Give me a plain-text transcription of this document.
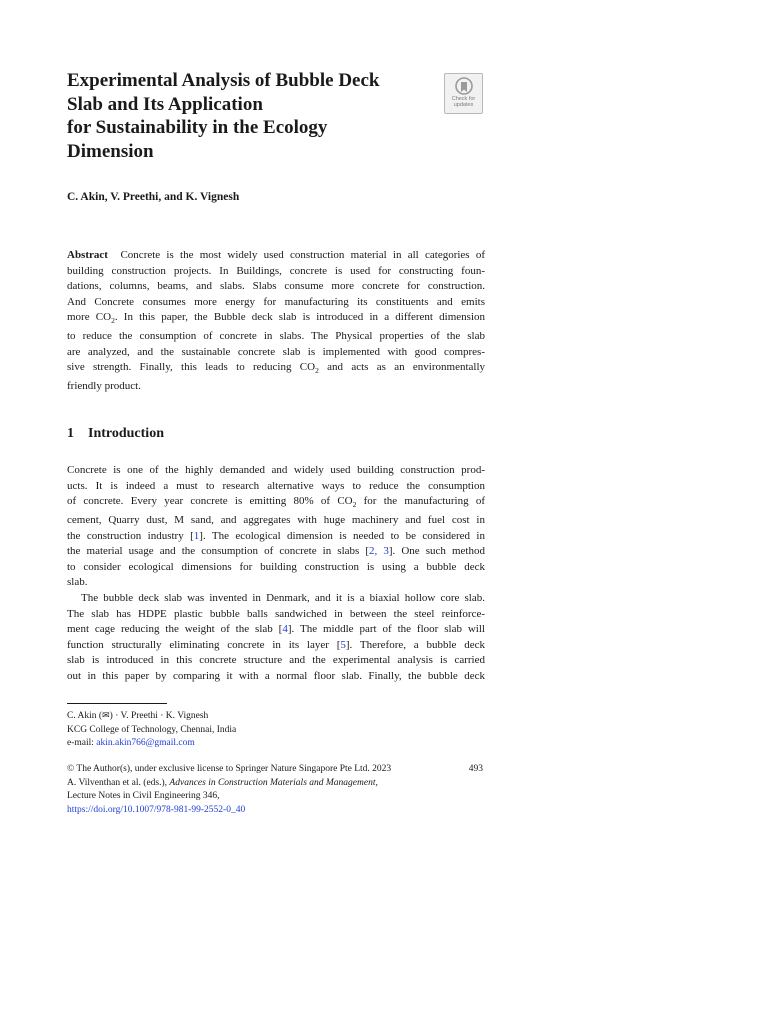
Experimental Analysis of Bubble Deck
Slab and Its Application
for Sustainability in the Ecology
Dimension
Check for
updates

C. Akin, V. Preethi, and K. Vignesh

Abstract Concrete is the most widely used construction material in all categories of
building construction projects. In Buildings, concrete is used for constructing foun-
dations, columns, beams, and slabs. Slabs consume more concrete for construction.
And Concrete consumes more energy for manufacturing its constituents and emits
more $CO_2$. In this paper, the Bubble deck slab is introduced in a different dimension
to reduce the consumption of concrete in slabs. The Physical properties of the slab
are analyzed, and the sustainable concrete slab is implemented with good compres-
sive strength. Finally, this leads to reducing $CO_2$ and acts as an environmentally
friendly product.
1 Introduction
Concrete is one of the highly demanded and widely used building construction prod-
ucts. It is indeed a must to research alternative ways to reduce the consumption
of concrete. Every year concrete is emitting 80% of $CO_2$ for the manufacturing of
cement, Quarry dust, M sand, and aggregates with huge machinery and fuel cost in
the construction industry [1]. The ecological dimension is needed to be considered in
the material usage and the consumption of concrete in slabs [2, 3]. One such method
to consider ecological dimensions for building construction is using a bubble deck
slab.
The bubble deck slab was invented in Denmark, and it is a biaxial hollow core slab.
The slab has HDPE plastic bubble balls sandwiched in between the steel reinforce-
ment cage reducing the weight of the slab [4]. The middle part of the floor slab will
function structurally eliminating concrete in its layer [5]. Therefore, a bubble deck
slab is introduced in this concrete structure and the experimental analysis is carried
out in this paper by comparing it with a normal floor slab. Finally, the bubble deck
C. Akin (✉) · V. Preethi · K. Vignesh
KCG College of Technology, Chennai, India
e-mail: akin.akin766@gmail.com
© The Author(s), under exclusive license to Springer Nature Singapore Pte Ltd. 2023	493
A. Vilventhan et al. (eds.), Advances in Construction Materials and Management,
Lecture Notes in Civil Engineering 346,
https://doi.org/10.1007/978-981-99-2552-0_40
